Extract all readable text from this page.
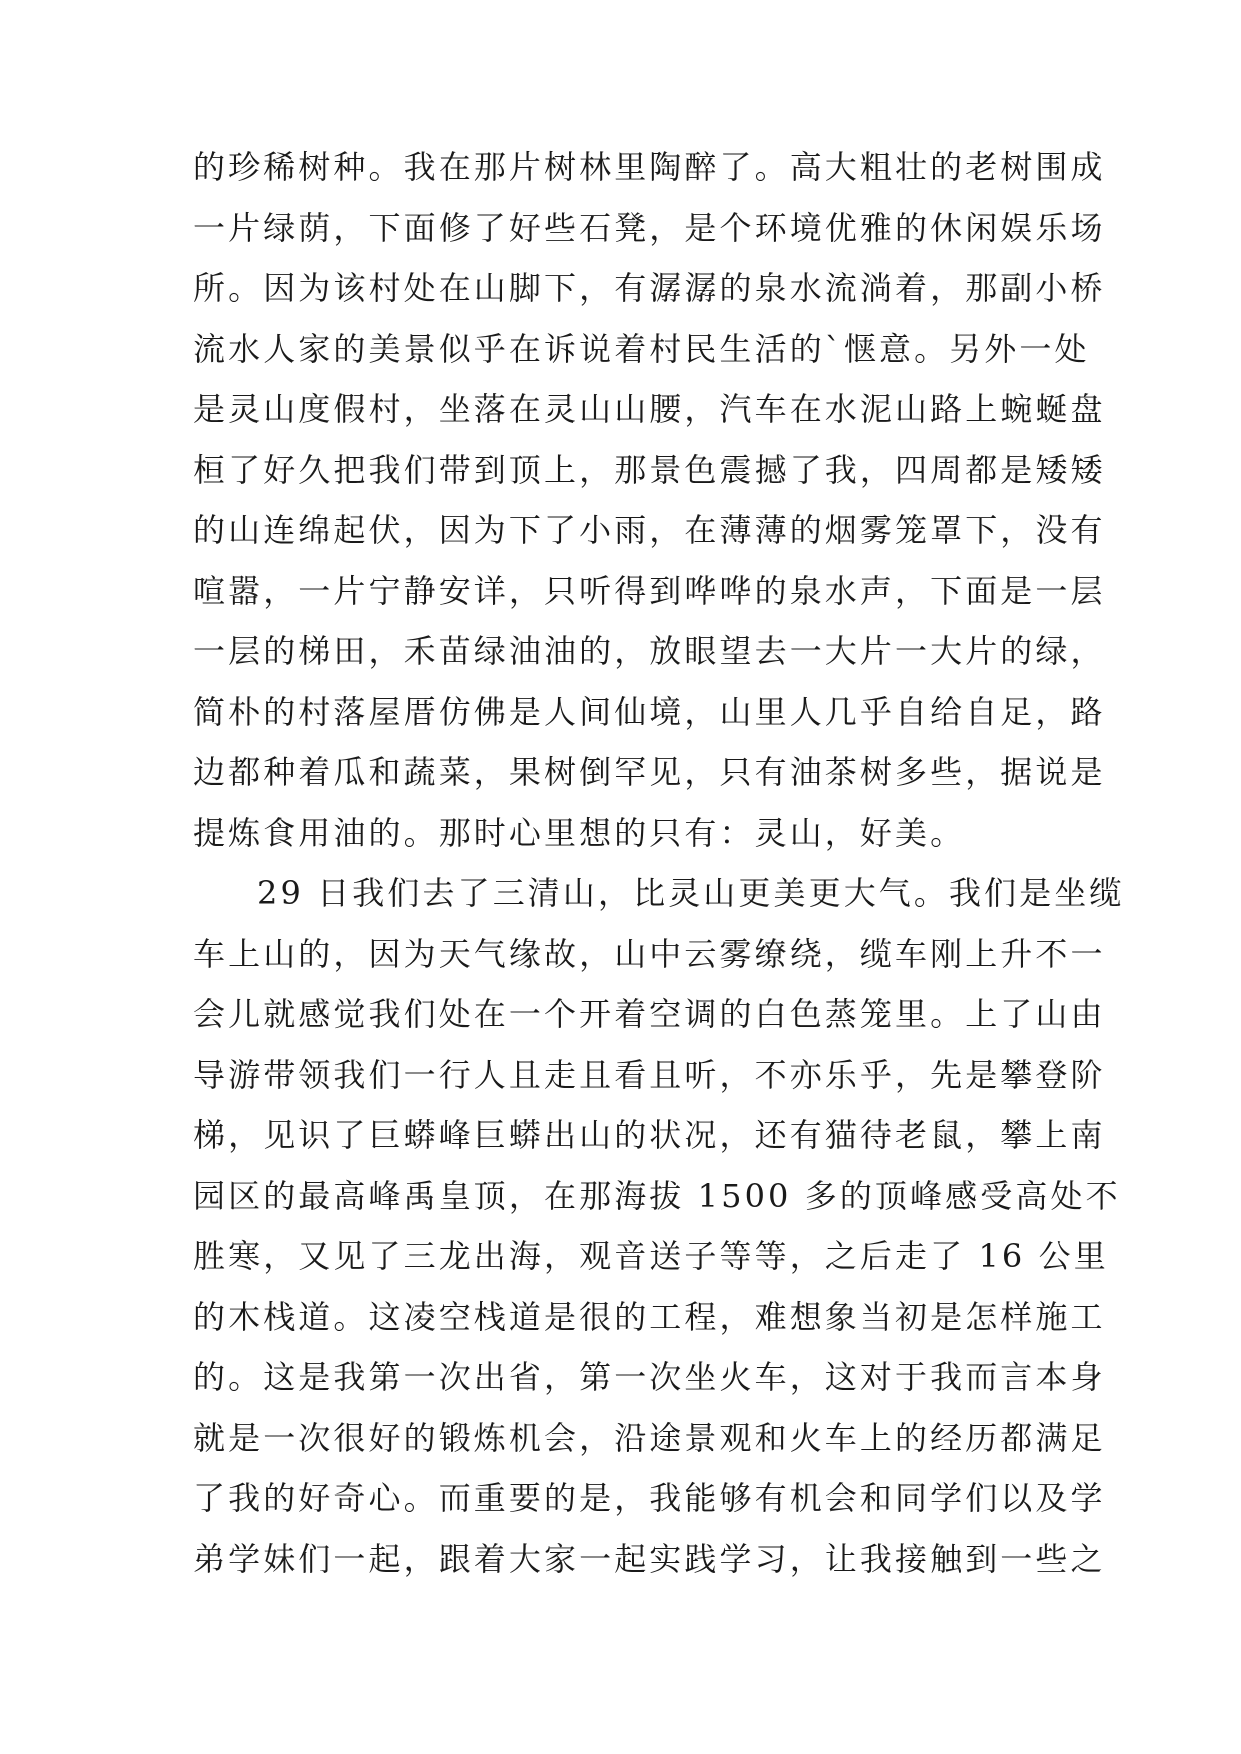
的珍稀树种。我在那片树林里陶醉了。高大粗壮的老树围成
一片绿荫，下面修了好些石凳，是个环境优雅的休闲娱乐场
所。因为该村处在山脚下，有潺潺的泉水流淌着，那副小桥
流水人家的美景似乎在诉说着村民生活的`惬意。另外一处
是灵山度假村，坐落在灵山山腰，汽车在水泥山路上蜿蜒盘
桓了好久把我们带到顶上，那景色震撼了我，四周都是矮矮
的山连绵起伏，因为下了小雨，在薄薄的烟雾笼罩下，没有
喧嚣，一片宁静安详，只听得到哗哗的泉水声，下面是一层
一层的梯田，禾苗绿油油的，放眼望去一大片一大片的绿，
简朴的村落屋厝仿佛是人间仙境，山里人几乎自给自足，路
边都种着瓜和蔬菜，果树倒罕见，只有油茶树多些，据说是
提炼食用油的。那时心里想的只有：灵山，好美。
29 日我们去了三清山，比灵山更美更大气。我们是坐缆
车上山的，因为天气缘故，山中云雾缭绕，缆车刚上升不一
会儿就感觉我们处在一个开着空调的白色蒸笼里。上了山由
导游带领我们一行人且走且看且听，不亦乐乎，先是攀登阶
梯，见识了巨蟒峰巨蟒出山的状况，还有猫待老鼠，攀上南
园区的最高峰禹皇顶，在那海拔 1500 多的顶峰感受高处不
胜寒，又见了三龙出海，观音送子等等，之后走了 16 公里
的木栈道。这凌空栈道是很的工程，难想象当初是怎样施工
的。这是我第一次出省，第一次坐火车，这对于我而言本身
就是一次很好的锻炼机会，沿途景观和火车上的经历都满足
了我的好奇心。而重要的是，我能够有机会和同学们以及学
弟学妹们一起，跟着大家一起实践学习，让我接触到一些之
